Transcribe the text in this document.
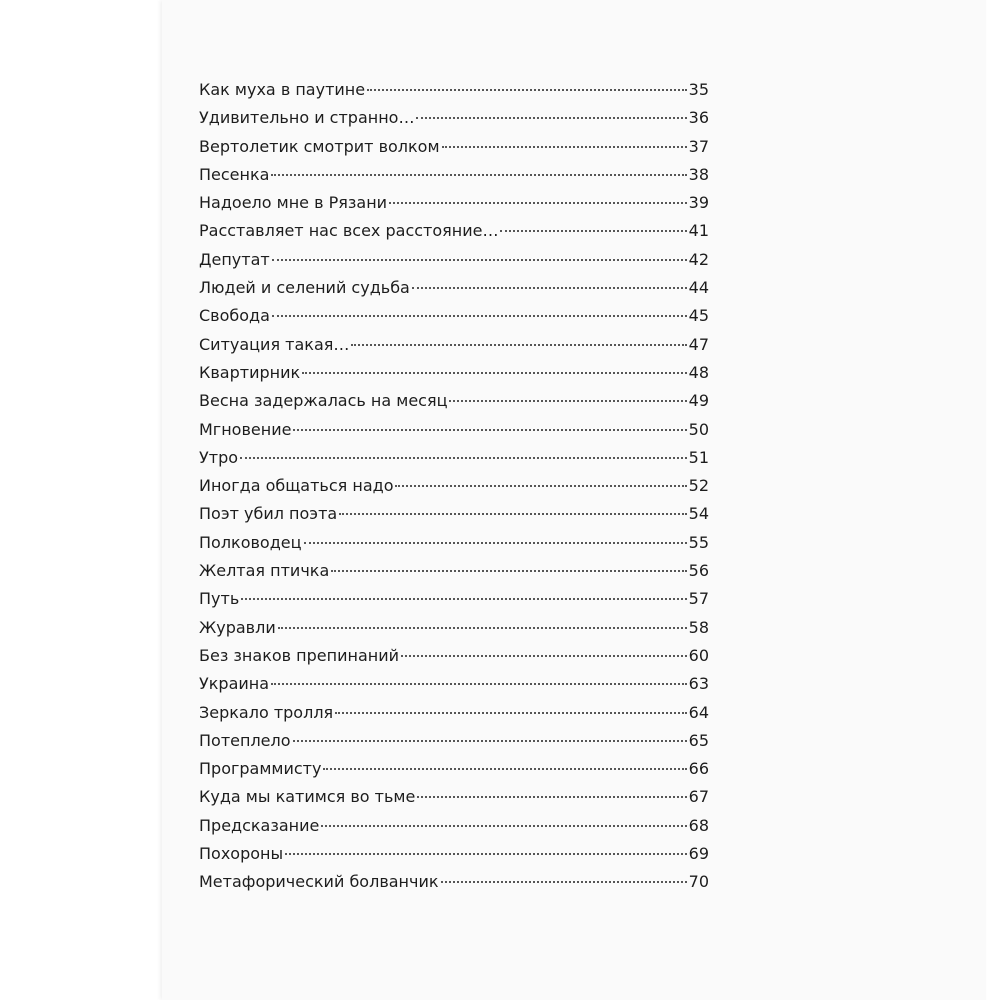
Как муха в паутине	35
Удивительно и странно…	36
Вертолетик смотрит волком	37
Песенка	38
Надоело мне в Рязани	39
Расставляет нас всех расстояние…	41
Депутат	42
Людей и селений судьба	44
Свобода	45
Ситуация такая…	47
Квартирник	48
Весна задержалась на месяц	49
Мгновение	50
Утро	51
Иногда общаться надо	52
Поэт убил поэта	54
Полководец	55
Желтая птичка	56
Путь	57
Журавли	58
Без знаков препинаний	60
Украина	63
Зеркало тролля	64
Потеплело	65
Программисту	66
Куда мы катимся во тьме	67
Предсказание	68
Похороны	69
Метафорический болванчик	70
